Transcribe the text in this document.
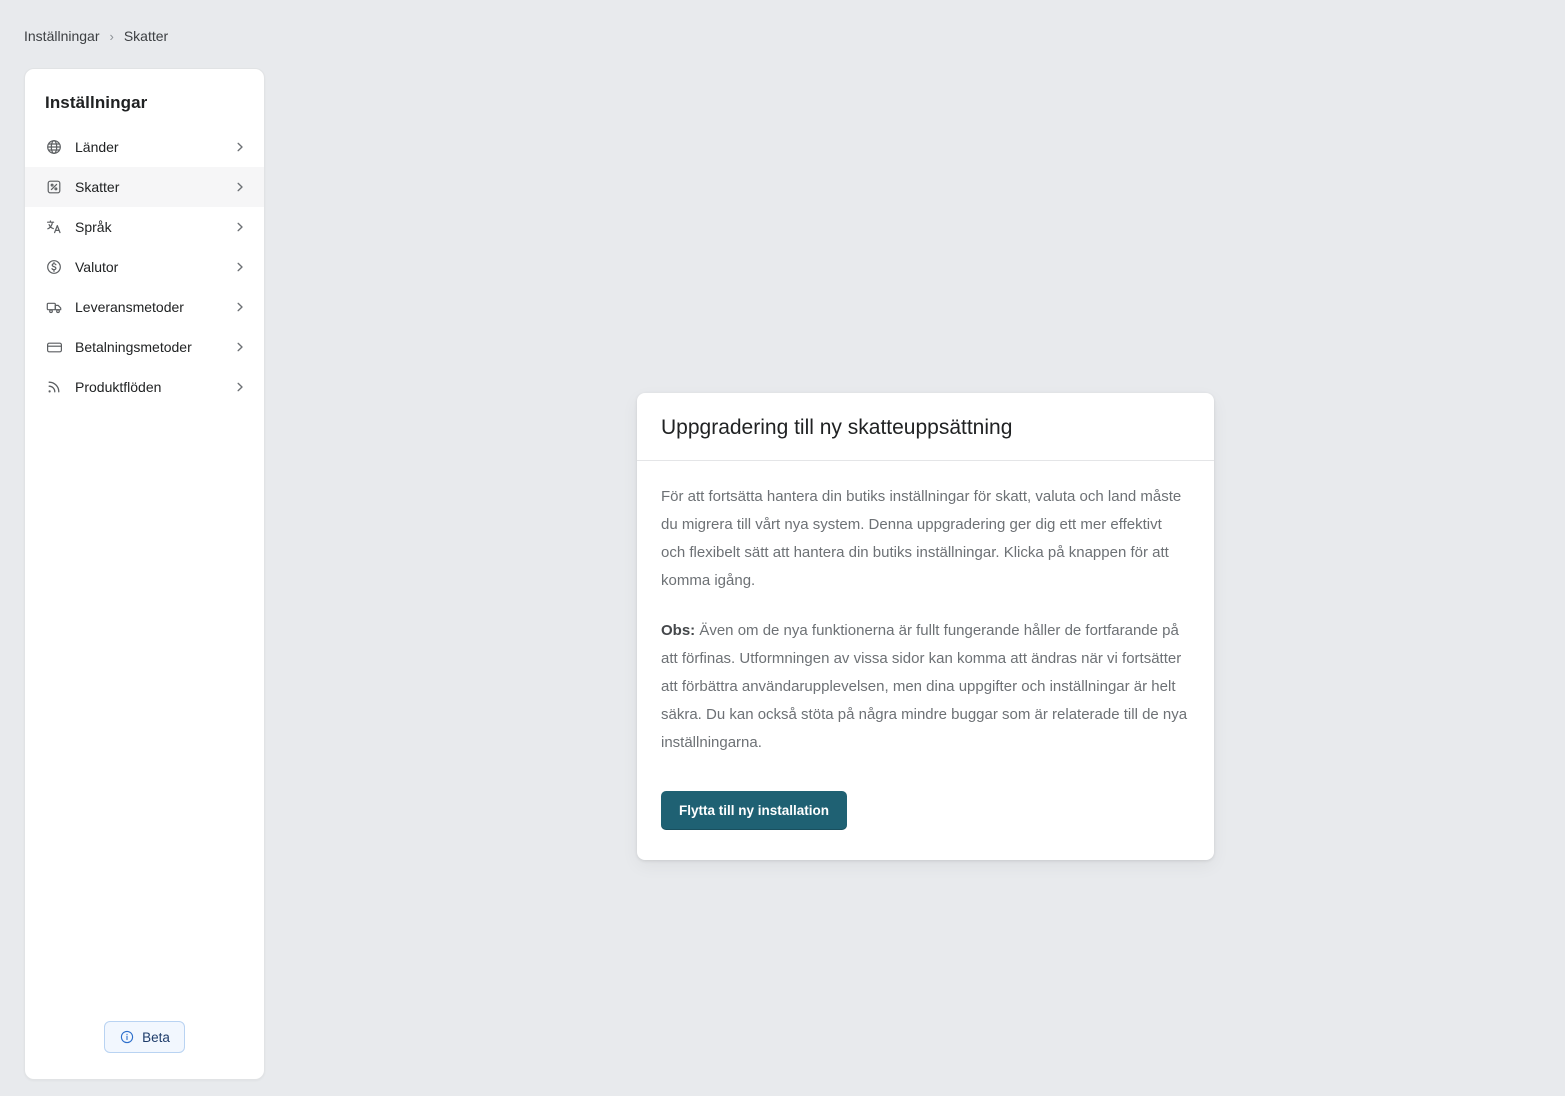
Inställningar › Skatter
Inställningar
Länder
Skatter
Språk
Valutor
Leveransmetoder
Betalningsmetoder
Produktflöden
Beta
Uppgradering till ny skatteuppsättning

För att fortsätta hantera din butiks inställningar för skatt, valuta och land måste du migrera till vårt nya system. Denna uppgradering ger dig ett mer effektivt och flexibelt sätt att hantera din butiks inställningar. Klicka på knappen för att komma igång.

Obs: Även om de nya funktionerna är fullt fungerande håller de fortfarande på att förfinas. Utformningen av vissa sidor kan komma att ändras när vi fortsätter att förbättra användarupplevelsen, men dina uppgifter och inställningar är helt säkra. Du kan också stöta på några mindre buggar som är relaterade till de nya inställningarna.

Flytta till ny installation
